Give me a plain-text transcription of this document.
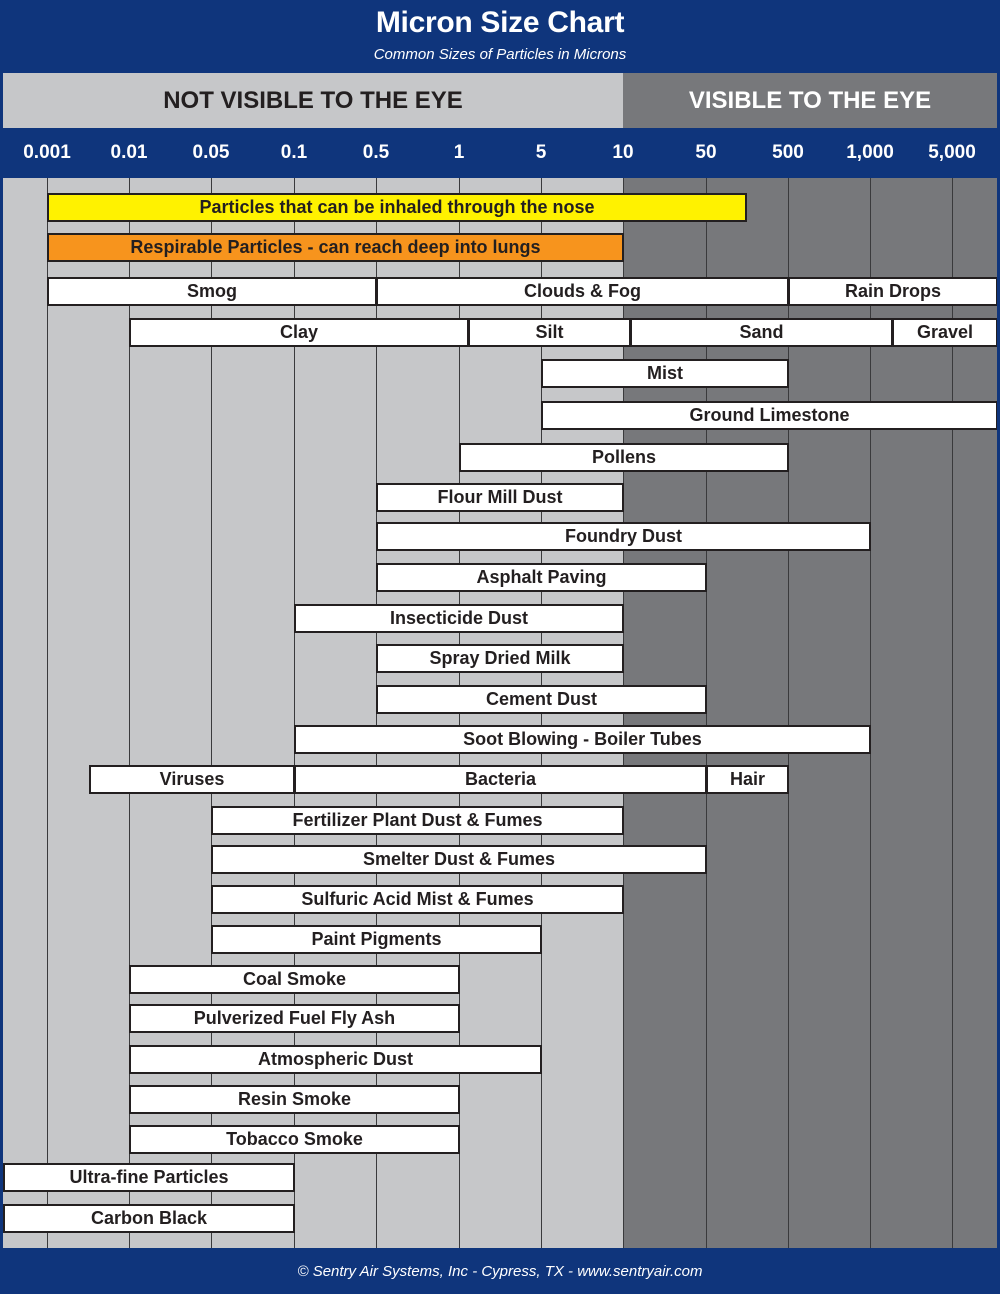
Micron Size Chart
Common Sizes of Particles in Microns
NOT VISIBLE TO THE EYE	VISIBLE TO THE EYE
0.001 0.01 0.05	0.1	0.5	1	5	10	50	500 1,000 5,000
Particles that can be inhaled through the nose
Respirable Particles - can reach deep into lungs
Smog	Clouds & Fog	Rain Drops
Clay	Silt	Sand	Gravel
Mist
Ground Limestone
Pollens
Flour Mill Dust
Foundry Dust
Asphalt Paving
Insecticide Dust
Spray Dried Milk
Cement Dust
Soot Blowing - Boiler Tubes
Viruses	Bacteria	Hair
Fertilizer Plant Dust & Fumes
Smelter Dust & Fumes
Sulfuric Acid Mist & Fumes
Paint Pigments
Coal Smoke
Pulverized Fuel Fly Ash
Atmospheric Dust
Resin Smoke
Tobacco Smoke
Ultra-fine Particles
Carbon Black
© Sentry Air Systems, Inc - Cypress, TX - www.sentryair.com
